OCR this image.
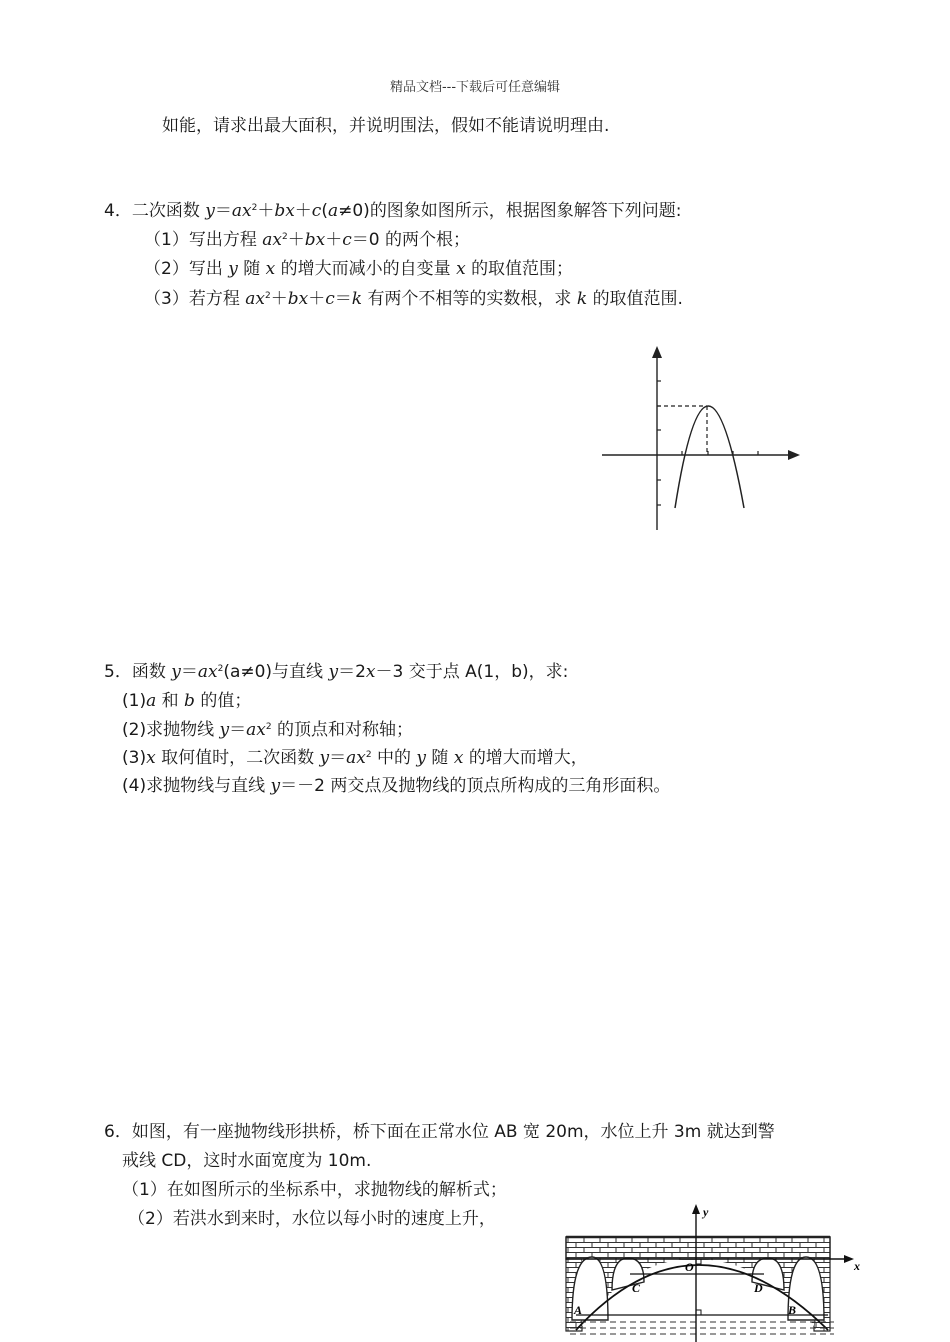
精品文档---下载后可任意编辑
如能，请求出最大面积，并说明围法，假如不能请说明理由.
4．二次函数 $y=ax^2+bx+c(a\ne 0)$的图象如图所示，根据图象解答下列问题:
（1）写出方程 $ax^2+bx+c=0$ 的两个根；
（2）写出 y 随 x 的增大而减小的自变量 x 的取值范围；
（3）若方程 $ax^2+bx+c=k$ 有两个不相等的实数根，求 k 的取值范围.
5．函数 $y=ax^2(a\ne 0)$与直线 y＝2x－3 交于点 A(1，b)，求:
(1)a 和 b 的值；
(2)求抛物线 $y=ax^2$ 的顶点和对称轴；
(3)x 取何值时，二次函数 $y=ax^2$ 中的 y 随 x 的增大而增大，
(4)求抛物线与直线 y＝－2 两交点及抛物线的顶点所构成的三角形面积。
6．如图，有一座抛物线形拱桥，桥下面在正常水位 AB 宽 20m，水位上升 3m 就达到警
戒线 CD，这时水面宽度为 10m.
（1）在如图所示的坐标系中，求抛物线的解析式；
（2）若洪水到来时，水位以每小时的速度上升，	y
x
O
C	D
A	B
